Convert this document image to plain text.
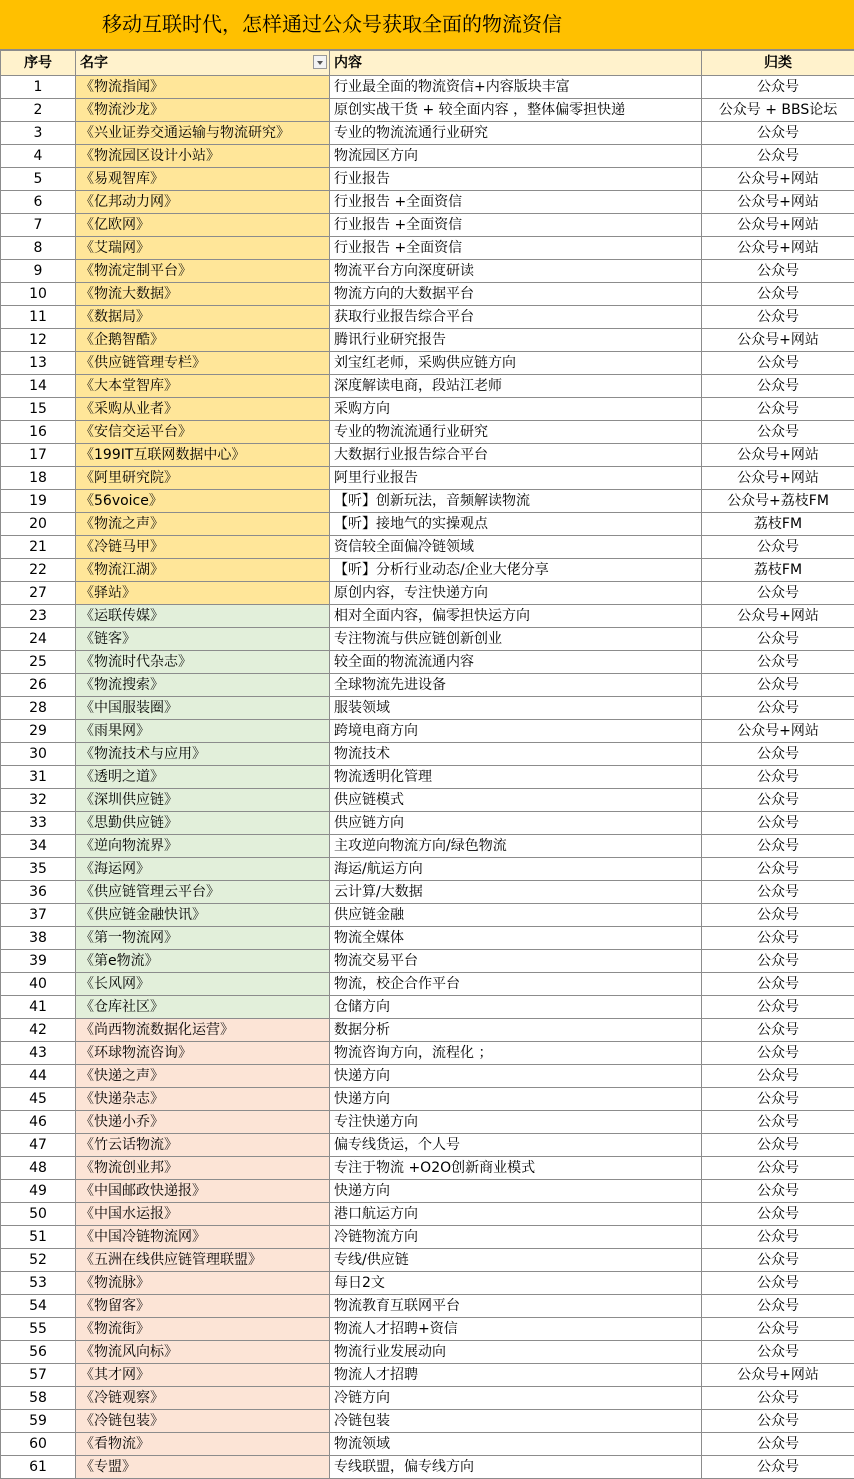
移动互联时代，怎样通过公众号获取全面的物流资信
序号	名字	内容	归类
1	《物流指闻》	行业最全面的物流资信+内容版块丰富	公众号
2	《物流沙龙》	原创实战干货 + 较全面内容 ，整体偏零担快递	公众号 + BBS论坛
3	《兴业证券交通运输与物流研究》	专业的物流流通行业研究	公众号
4	《物流园区设计小站》	物流园区方向	公众号
5	《易观智库》	行业报告	公众号+网站
6	《亿邦动力网》	行业报告 +全面资信	公众号+网站
7	《亿欧网》	行业报告 +全面资信	公众号+网站
8	《艾瑞网》	行业报告 +全面资信	公众号+网站
9	《物流定制平台》	物流平台方向深度研读	公众号
10	《物流大数据》	物流方向的大数据平台	公众号
11	《数据局》	获取行业报告综合平台	公众号
12	《企鹅智酷》	腾讯行业研究报告	公众号+网站
13	《供应链管理专栏》	刘宝红老师，采购供应链方向	公众号
14	《大本堂智库》	深度解读电商，段站江老师	公众号
15	《采购从业者》	采购方向	公众号
16	《安信交运平台》	专业的物流流通行业研究	公众号
17	《199IT互联网数据中心》	大数据行业报告综合平台	公众号+网站
18	《阿里研究院》	阿里行业报告	公众号+网站
19	《56voice》	【听】创新玩法，音频解读物流	公众号+荔枝FM
20	《物流之声》	【听】接地气的实操观点	荔枝FM
21	《冷链马甲》	资信较全面偏冷链领域	公众号
22	《物流江湖》	【听】分析行业动态/企业大佬分享	荔枝FM
27	《驿站》	原创内容，专注快递方向	公众号
23	《运联传媒》	相对全面内容，偏零担快运方向	公众号+网站
24	《链客》	专注物流与供应链创新创业	公众号
25	《物流时代杂志》	较全面的物流流通内容	公众号
26	《物流搜索》	全球物流先进设备	公众号
28	《中国服装圈》	服装领域	公众号
29	《雨果网》	跨境电商方向	公众号+网站
30	《物流技术与应用》	物流技术	公众号
31	《透明之道》	物流透明化管理	公众号
32	《深圳供应链》	供应链模式	公众号
33	《思勤供应链》	供应链方向	公众号
34	《逆向物流界》	主攻逆向物流方向/绿色物流	公众号
35	《海运网》	海运/航运方向	公众号
36	《供应链管理云平台》	云计算/大数据	公众号
37	《供应链金融快讯》	供应链金融	公众号
38	《第一物流网》	物流全媒体	公众号
39	《第e物流》	物流交易平台	公众号
40	《长风网》	物流，校企合作平台	公众号
41	《仓库社区》	仓储方向	公众号
42	《尚西物流数据化运营》	数据分析	公众号
43	《环球物流咨询》	物流咨询方向，流程化 ；	公众号
44	《快递之声》	快递方向	公众号
45	《快递杂志》	快递方向	公众号
46	《快递小乔》	专注快递方向	公众号
47	《竹云话物流》	偏专线货运，个人号	公众号
48	《物流创业邦》	专注于物流 +O2O创新商业模式	公众号
49	《中国邮政快递报》	快递方向	公众号
50	《中国水运报》	港口航运方向	公众号
51	《中国冷链物流网》	冷链物流方向	公众号
52	《五洲在线供应链管理联盟》	专线/供应链	公众号
53	《物流脉》	每日2文	公众号
54	《物留客》	物流教育互联网平台	公众号
55	《物流街》	物流人才招聘+资信	公众号
56	《物流风向标》	物流行业发展动向	公众号
57	《其才网》	物流人才招聘	公众号+网站
58	《冷链观察》	冷链方向	公众号
59	《冷链包装》	冷链包装	公众号
60	《看物流》	物流领域	公众号
61	《专盟》	专线联盟，偏专线方向	公众号
